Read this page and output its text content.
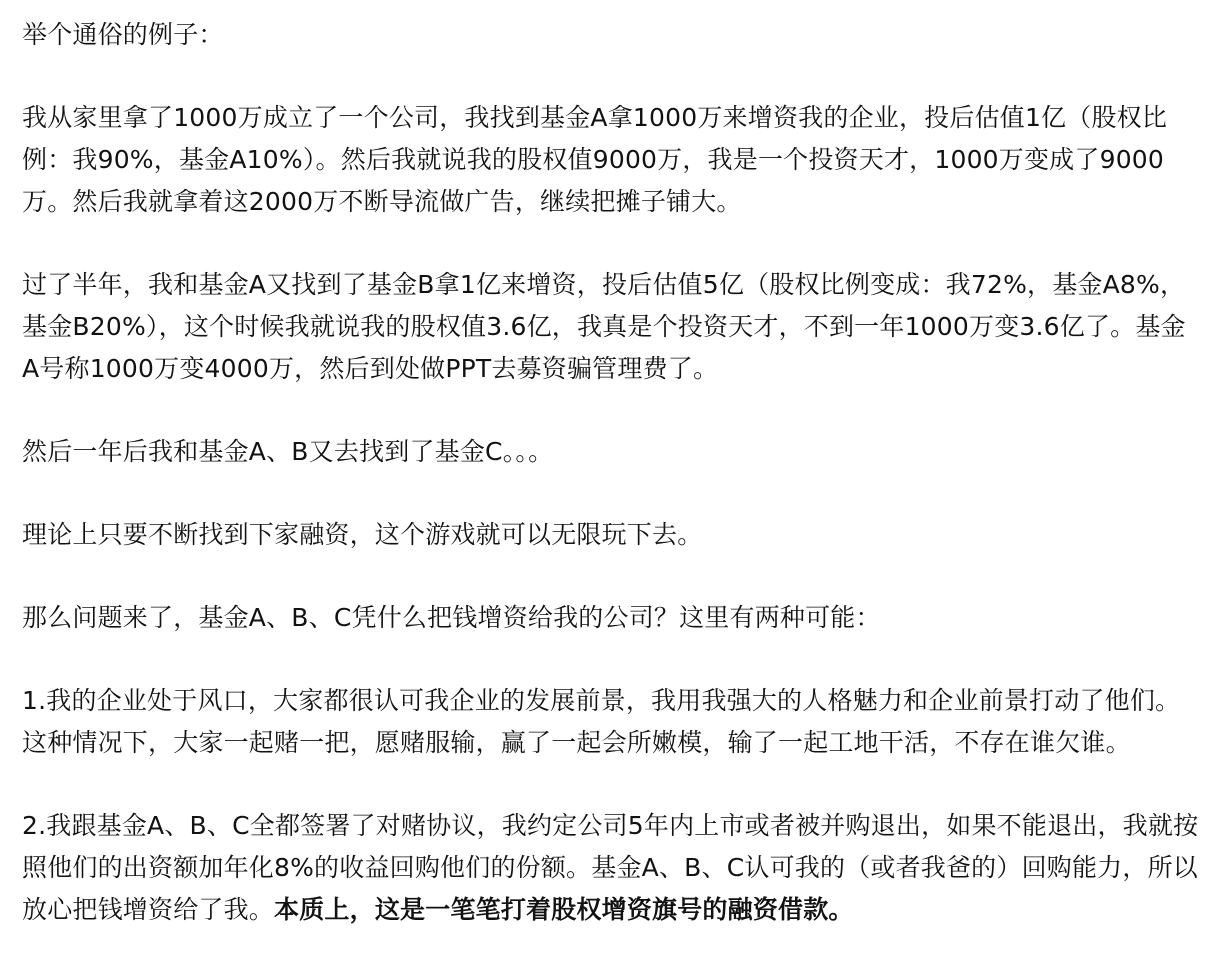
举个通俗的例子：

我从家里拿了1000万成立了一个公司，我找到基金A拿1000万来增资我的企业，投后估值1亿（股权比例：我90%，基金A10%）。然后我就说我的股权值9000万，我是一个投资天才，1000万变成了9000万。然后我就拿着这2000万不断导流做广告，继续把摊子铺大。

过了半年，我和基金A又找到了基金B拿1亿来增资，投后估值5亿（股权比例变成：我72%，基金A8%，基金B20%），这个时候我就说我的股权值3.6亿，我真是个投资天才，不到一年1000万变3.6亿了。基金A号称1000万变4000万，然后到处做PPT去募资骗管理费了。

然后一年后我和基金A、B又去找到了基金C。。。

理论上只要不断找到下家融资，这个游戏就可以无限玩下去。

那么问题来了，基金A、B、C凭什么把钱增资给我的公司？这里有两种可能：

1.我的企业处于风口，大家都很认可我企业的发展前景，我用我强大的人格魅力和企业前景打动了他们。这种情况下，大家一起赌一把，愿赌服输，赢了一起会所嫩模，输了一起工地干活，不存在谁欠谁。

2.我跟基金A、B、C全都签署了对赌协议，我约定公司5年内上市或者被并购退出，如果不能退出，我就按照他们的出资额加年化8%的收益回购他们的份额。基金A、B、C认可我的（或者我爸的）回购能力，所以放心把钱增资给了我。本质上，这是一笔笔打着股权增资旗号的融资借款。
